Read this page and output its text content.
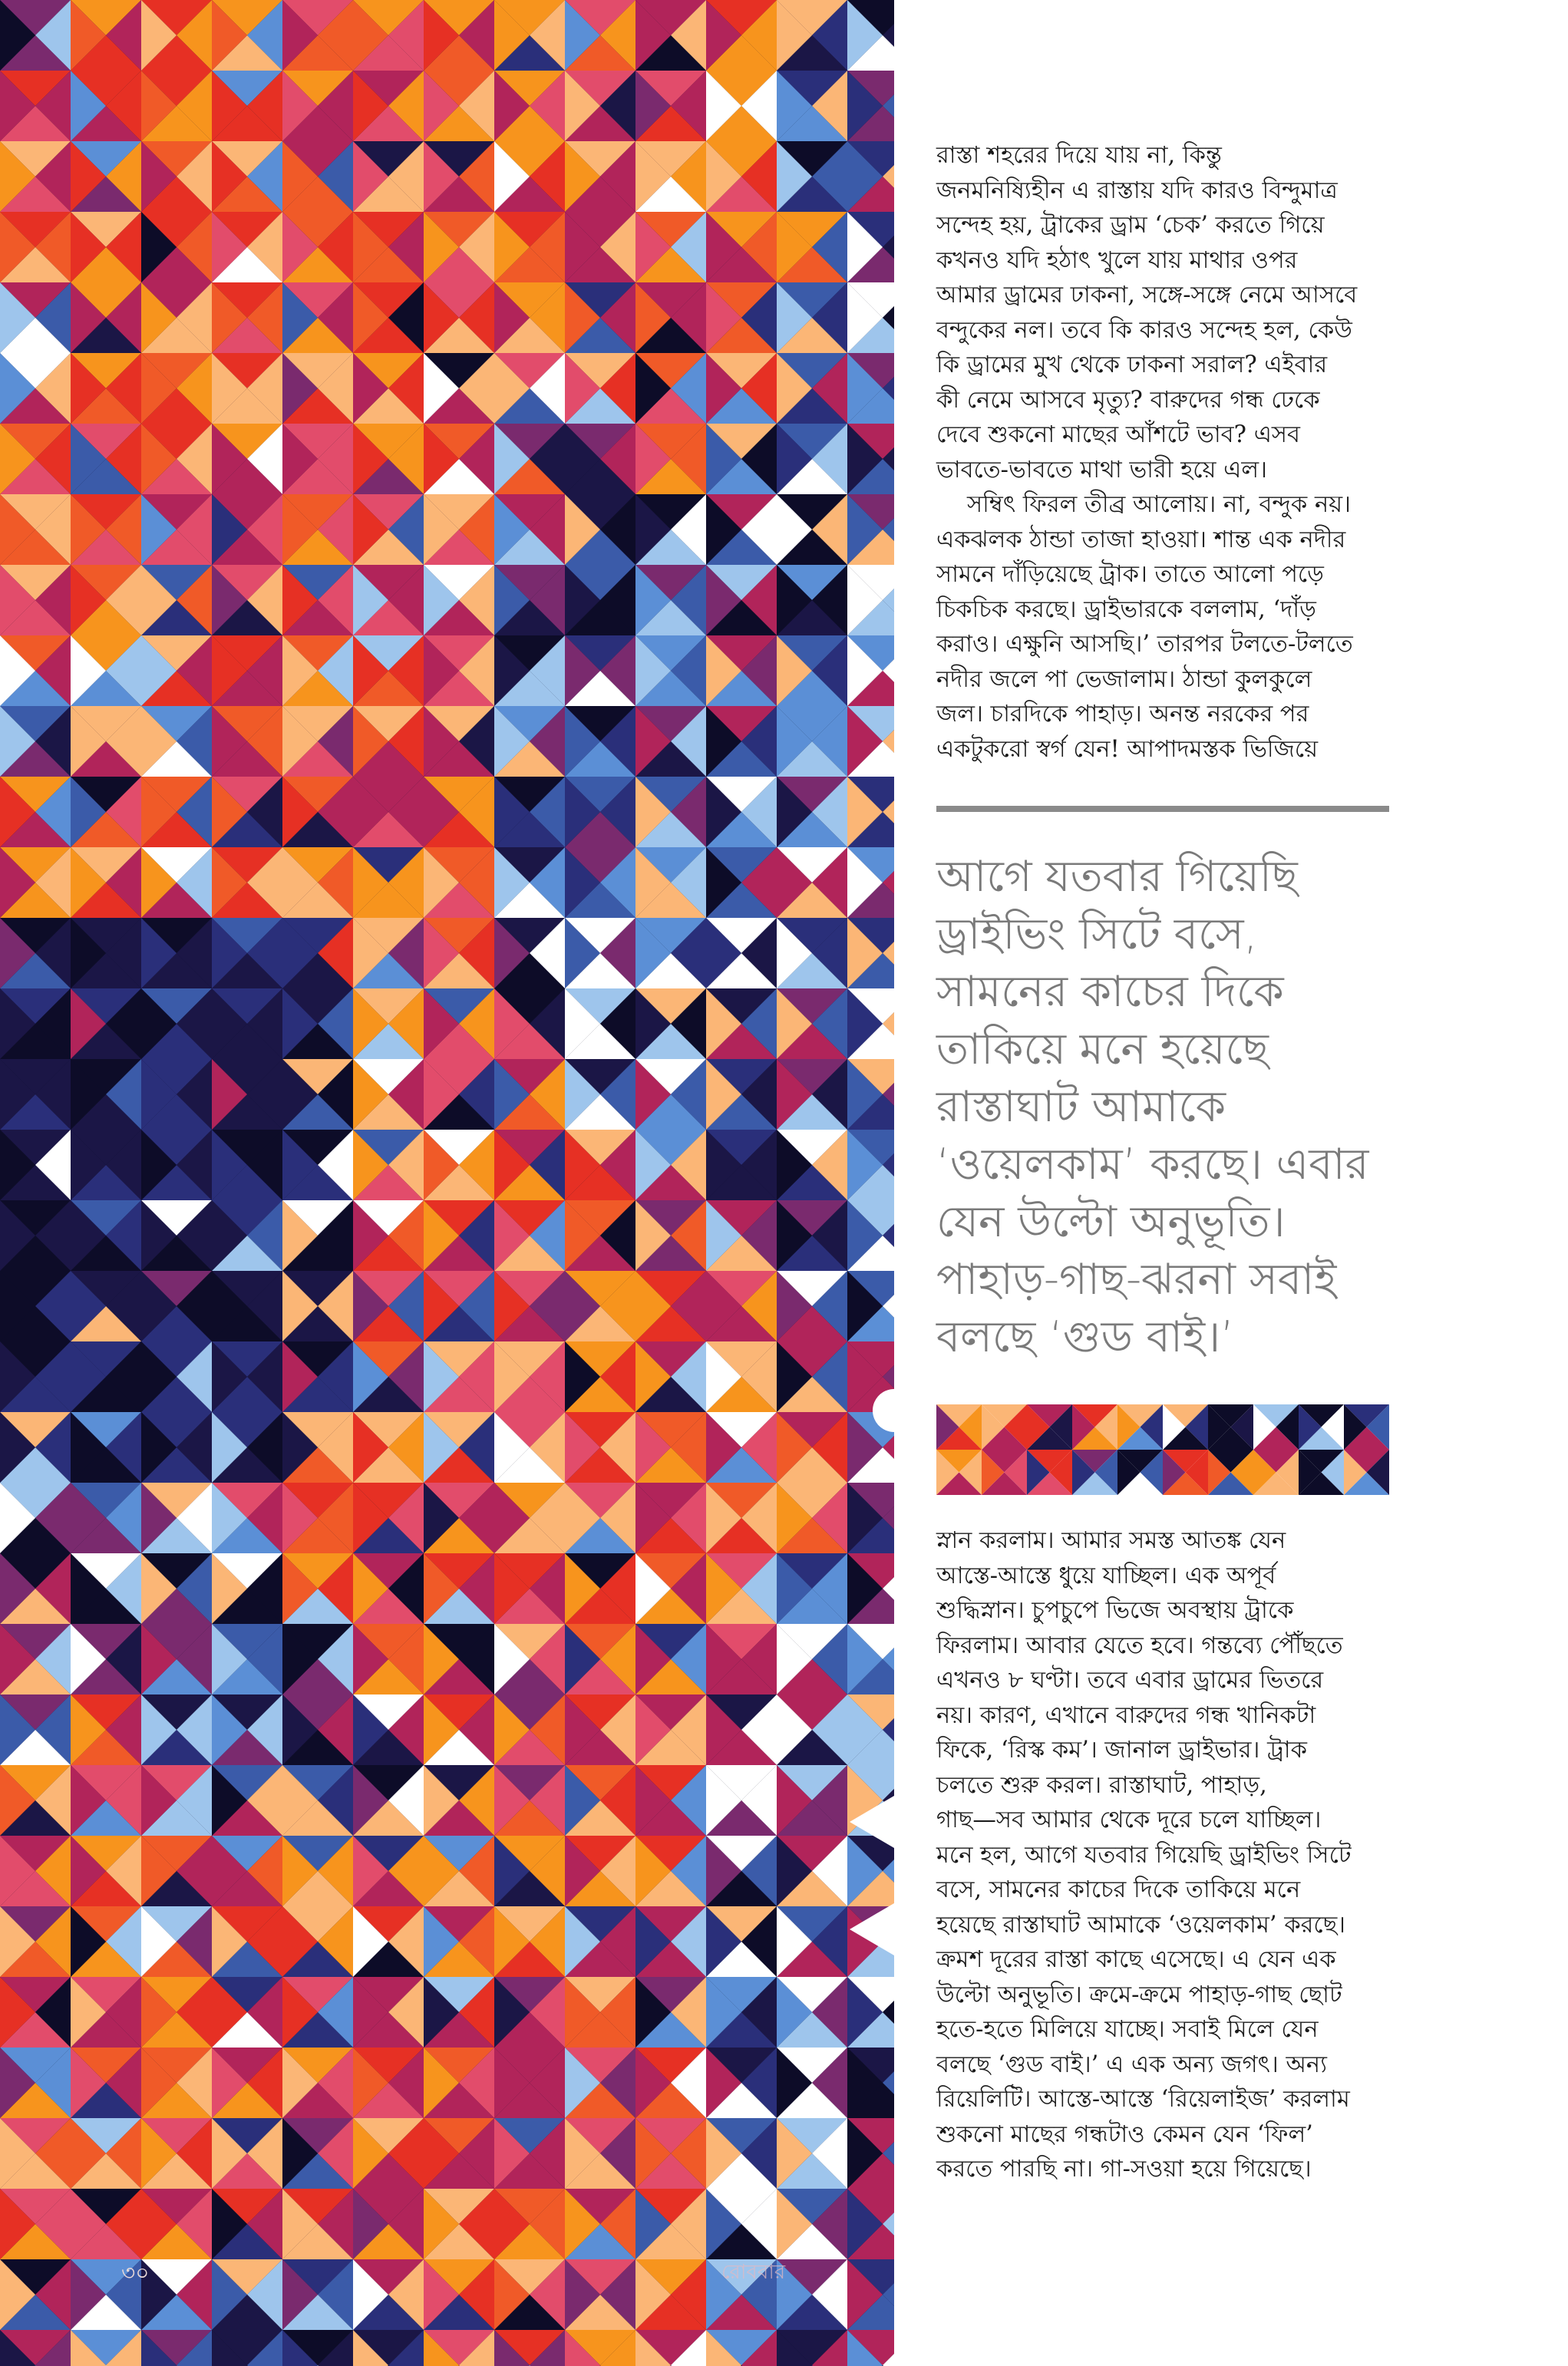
৩০	রোববার

রাস্তা শহরের দিয়ে যায় না, কিন্তু
জনমনিষ্যিহীন এ রাস্তায় যদি কারও বিন্দুমাত্র
সন্দেহ হয়, ট্রাকের ড্রাম ‘চেক’ করতে গিয়ে
কখনও যদি হঠাৎ খুলে যায় মাথার ওপর
আমার ড্রামের ঢাকনা, সঙ্গে-সঙ্গে নেমে আসবে
বন্দুকের নল। তবে কি কারও সন্দেহ হল, কেউ
কি ড্রামের মুখ থেকে ঢাকনা সরাল? এইবার
কী নেমে আসবে মৃত্যু? বারুদের গন্ধ ঢেকে
দেবে শুকনো মাছের আঁশটে ভাব? এসব
ভাবতে-ভাবতে মাথা ভারী হয়ে এল।

সম্বিৎ ফিরল তীব্র আলোয়। না, বন্দুক নয়।
একঝলক ঠান্ডা তাজা হাওয়া। শান্ত এক নদীর
সামনে দাঁড়িয়েছে ট্রাক। তাতে আলো পড়ে
চিকচিক করছে। ড্রাইভারকে বললাম, ‘দাঁড়
করাও। এক্ষুনি আসছি।’ তারপর টলতে-টলতে
নদীর জলে পা ভেজালাম। ঠান্ডা কুলকুলে
জল। চারদিকে পাহাড়। অনন্ত নরকের পর
একটুকরো স্বর্গ যেন! আপাদমস্তক ভিজিয়ে

আগে যতবার গিয়েছি
ড্রাইভিং সিটে বসে,
সামনের কাচের দিকে
তাকিয়ে মনে হয়েছে
রাস্তাঘাট আমাকে
‘ওয়েলকাম’ করছে। এবার
যেন উল্টো অনুভূতি।
পাহাড়-গাছ-ঝরনা সবাই
বলছে ‘গুড বাই।’

স্নান করলাম। আমার সমস্ত আতঙ্ক যেন
আস্তে-আস্তে ধুয়ে যাচ্ছিল। এক অপূর্ব
শুদ্ধিস্নান। চুপচুপে ভিজে অবস্থায় ট্রাকে
ফিরলাম। আবার যেতে হবে। গন্তব্যে পৌঁছতে
এখনও ৮ ঘণ্টা। তবে এবার ড্রামের ভিতরে
নয়। কারণ, এখানে বারুদের গন্ধ খানিকটা
ফিকে, ‘রিস্ক কম’। জানাল ড্রাইভার। ট্রাক
চলতে শুরু করল। রাস্তাঘাট, পাহাড়,
গাছ—সব আমার থেকে দূরে চলে যাচ্ছিল।
মনে হল, আগে যতবার গিয়েছি ড্রাইভিং সিটে
বসে, সামনের কাচের দিকে তাকিয়ে মনে
হয়েছে রাস্তাঘাট আমাকে ‘ওয়েলকাম’ করছে।
ক্রমশ দূরের রাস্তা কাছে এসেছে। এ যেন এক
উল্টো অনুভূতি। ক্রমে-ক্রমে পাহাড়-গাছ ছোট
হতে-হতে মিলিয়ে যাচ্ছে। সবাই মিলে যেন
বলছে ‘গুড বাই।’ এ এক অন্য জগৎ। অন্য
রিয়েলিটি। আস্তে-আস্তে ‘রিয়েলাইজ’ করলাম
শুকনো মাছের গন্ধটাও কেমন যেন ‘ফিল’
করতে পারছি না। গা-সওয়া হয়ে গিয়েছে।
